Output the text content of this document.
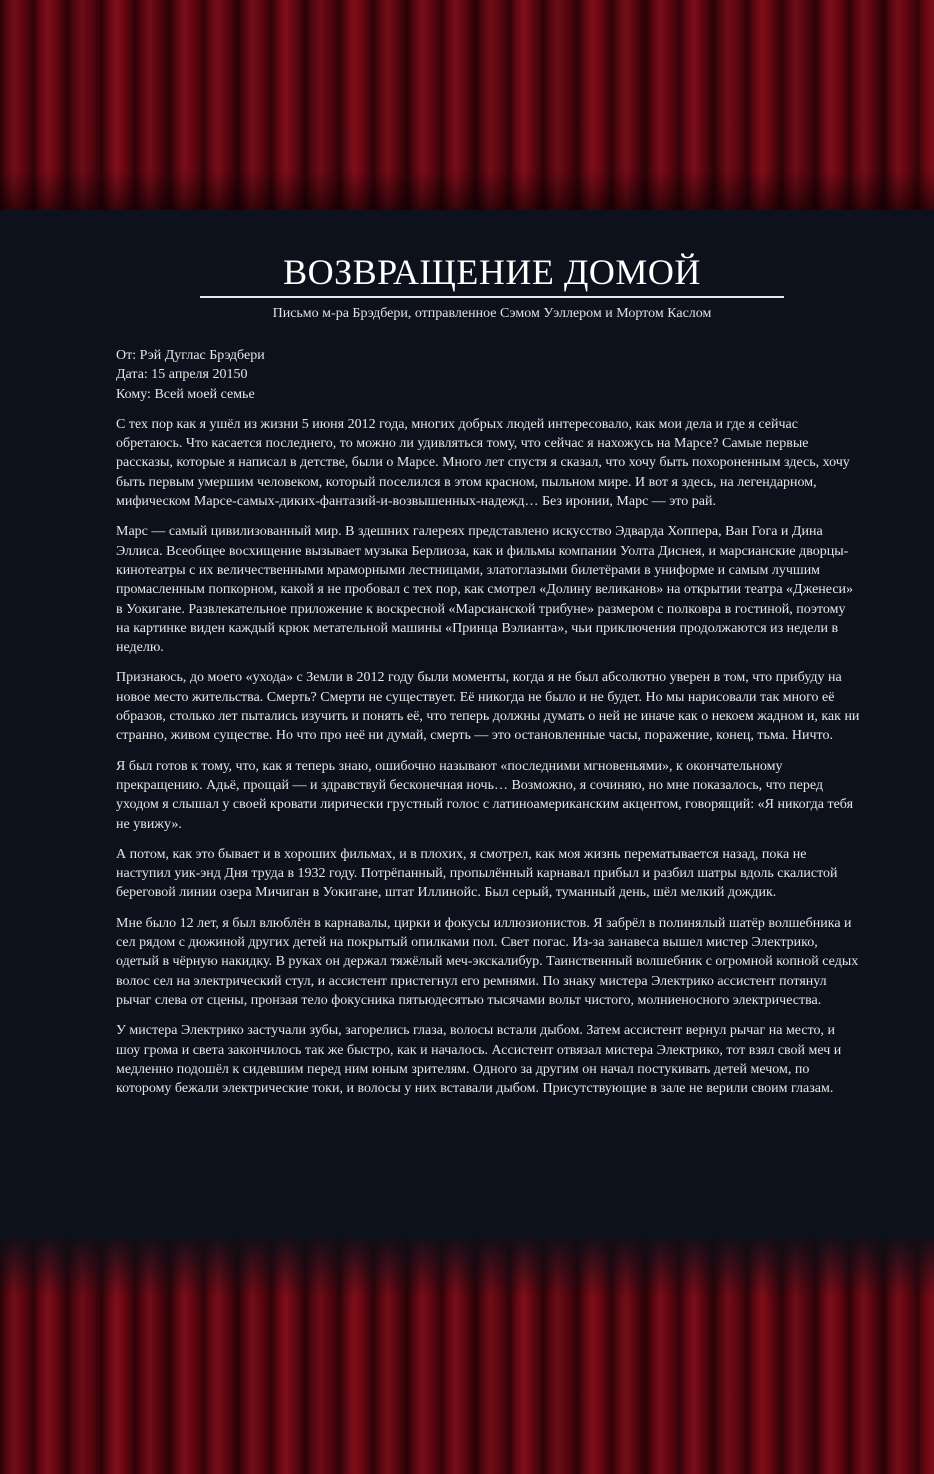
ВОЗВРАЩЕНИЕ ДОМОЙ
Письмо м-ра Брэдбери, отправленное Сэмом Уэллером и Мортом Каслом
От: Рэй Дуглас Брэдбери
Дата: 15 апреля 20150
Кому: Всей моей семье

С тех пор как я ушёл из жизни 5 июня 2012 года, многих добрых людей интересовало, как мои дела и где я сейчас обретаюсь. Что касается последнего, то можно ли удивляться тому, что сейчас я нахожусь на Марсе? Самые первые рассказы, которые я написал в детстве, были о Марсе. Много лет спустя я сказал, что хочу быть похороненным здесь, хочу быть первым умершим человеком, который поселился в этом красном, пыльном мире. И вот я здесь, на легендарном, мифическом Марсе-самых-диких-фантазий-и-возвышенных-надежд… Без иронии, Марс — это рай.

Марс — самый цивилизованный мир. В здешних галереях представлено искусство Эдварда Хоппера, Ван Гога и Дина Эллиса. Всеобщее восхищение вызывает музыка Берлиоза, как и фильмы компании Уолта Диснея, и марсианские дворцы-кинотеатры с их величественными мраморными лестницами, златоглазыми билетёрами в униформе и самым лучшим промасленным попкорном, какой я не пробовал с тех пор, как смотрел «Долину великанов» на открытии театра «Дженеси» в Уокигане. Развлекательное приложение к воскресной «Марсианской трибуне» размером с полковра в гостиной, поэтому на картинке виден каждый крюк метательной машины «Принца Вэлианта», чьи приключения продолжаются из недели в неделю.

Признаюсь, до моего «ухода» с Земли в 2012 году были моменты, когда я не был абсолютно уверен в том, что прибуду на новое место жительства. Смерть? Смерти не существует. Её никогда не было и не будет. Но мы нарисовали так много её образов, столько лет пытались изучить и понять её, что теперь должны думать о ней не иначе как о некоем жадном и, как ни странно, живом существе. Но что про неё ни думай, смерть — это остановленные часы, поражение, конец, тьма. Ничто.

Я был готов к тому, что, как я теперь знаю, ошибочно называют «последними мгновеньями», к окончательному прекращению. Адьё, прощай — и здравствуй бесконечная ночь… Возможно, я сочиняю, но мне показалось, что перед уходом я слышал у своей кровати лирически грустный голос с латиноамериканским акцентом, говорящий: «Я никогда тебя не увижу».

А потом, как это бывает и в хороших фильмах, и в плохих, я смотрел, как моя жизнь перематывается назад, пока не наступил уик-энд Дня труда в 1932 году. Потрёпанный, пропылённый карнавал прибыл и разбил шатры вдоль скалистой береговой линии озера Мичиган в Уокигане, штат Иллинойс. Был серый, туманный день, шёл мелкий дождик.

Мне было 12 лет, я был влюблён в карнавалы, цирки и фокусы иллюзионистов. Я забрёл в полинялый шатёр волшебника и сел рядом с дюжиной других детей на покрытый опилками пол. Свет погас. Из-за занавеса вышел мистер Электрико, одетый в чёрную накидку. В руках он держал тяжёлый меч-экскалибур. Таинственный волшебник с огромной копной седых волос сел на электрический стул, и ассистент пристегнул его ремнями. По знаку мистера Электрико ассистент потянул рычаг слева от сцены, пронзая тело фокусника пятьюдесятью тысячами вольт чистого, молниеносного электричества.

У мистера Электрико застучали зубы, загорелись глаза, волосы встали дыбом. Затем ассистент вернул рычаг на место, и шоу грома и света закончилось так же быстро, как и началось. Ассистент отвязал мистера Электрико, тот взял свой меч и медленно подошёл к сидевшим перед ним юным зрителям. Одного за другим он начал постукивать детей мечом, по которому бежали электрические токи, и волосы у них вставали дыбом. Присутствующие в зале не верили своим глазам.
